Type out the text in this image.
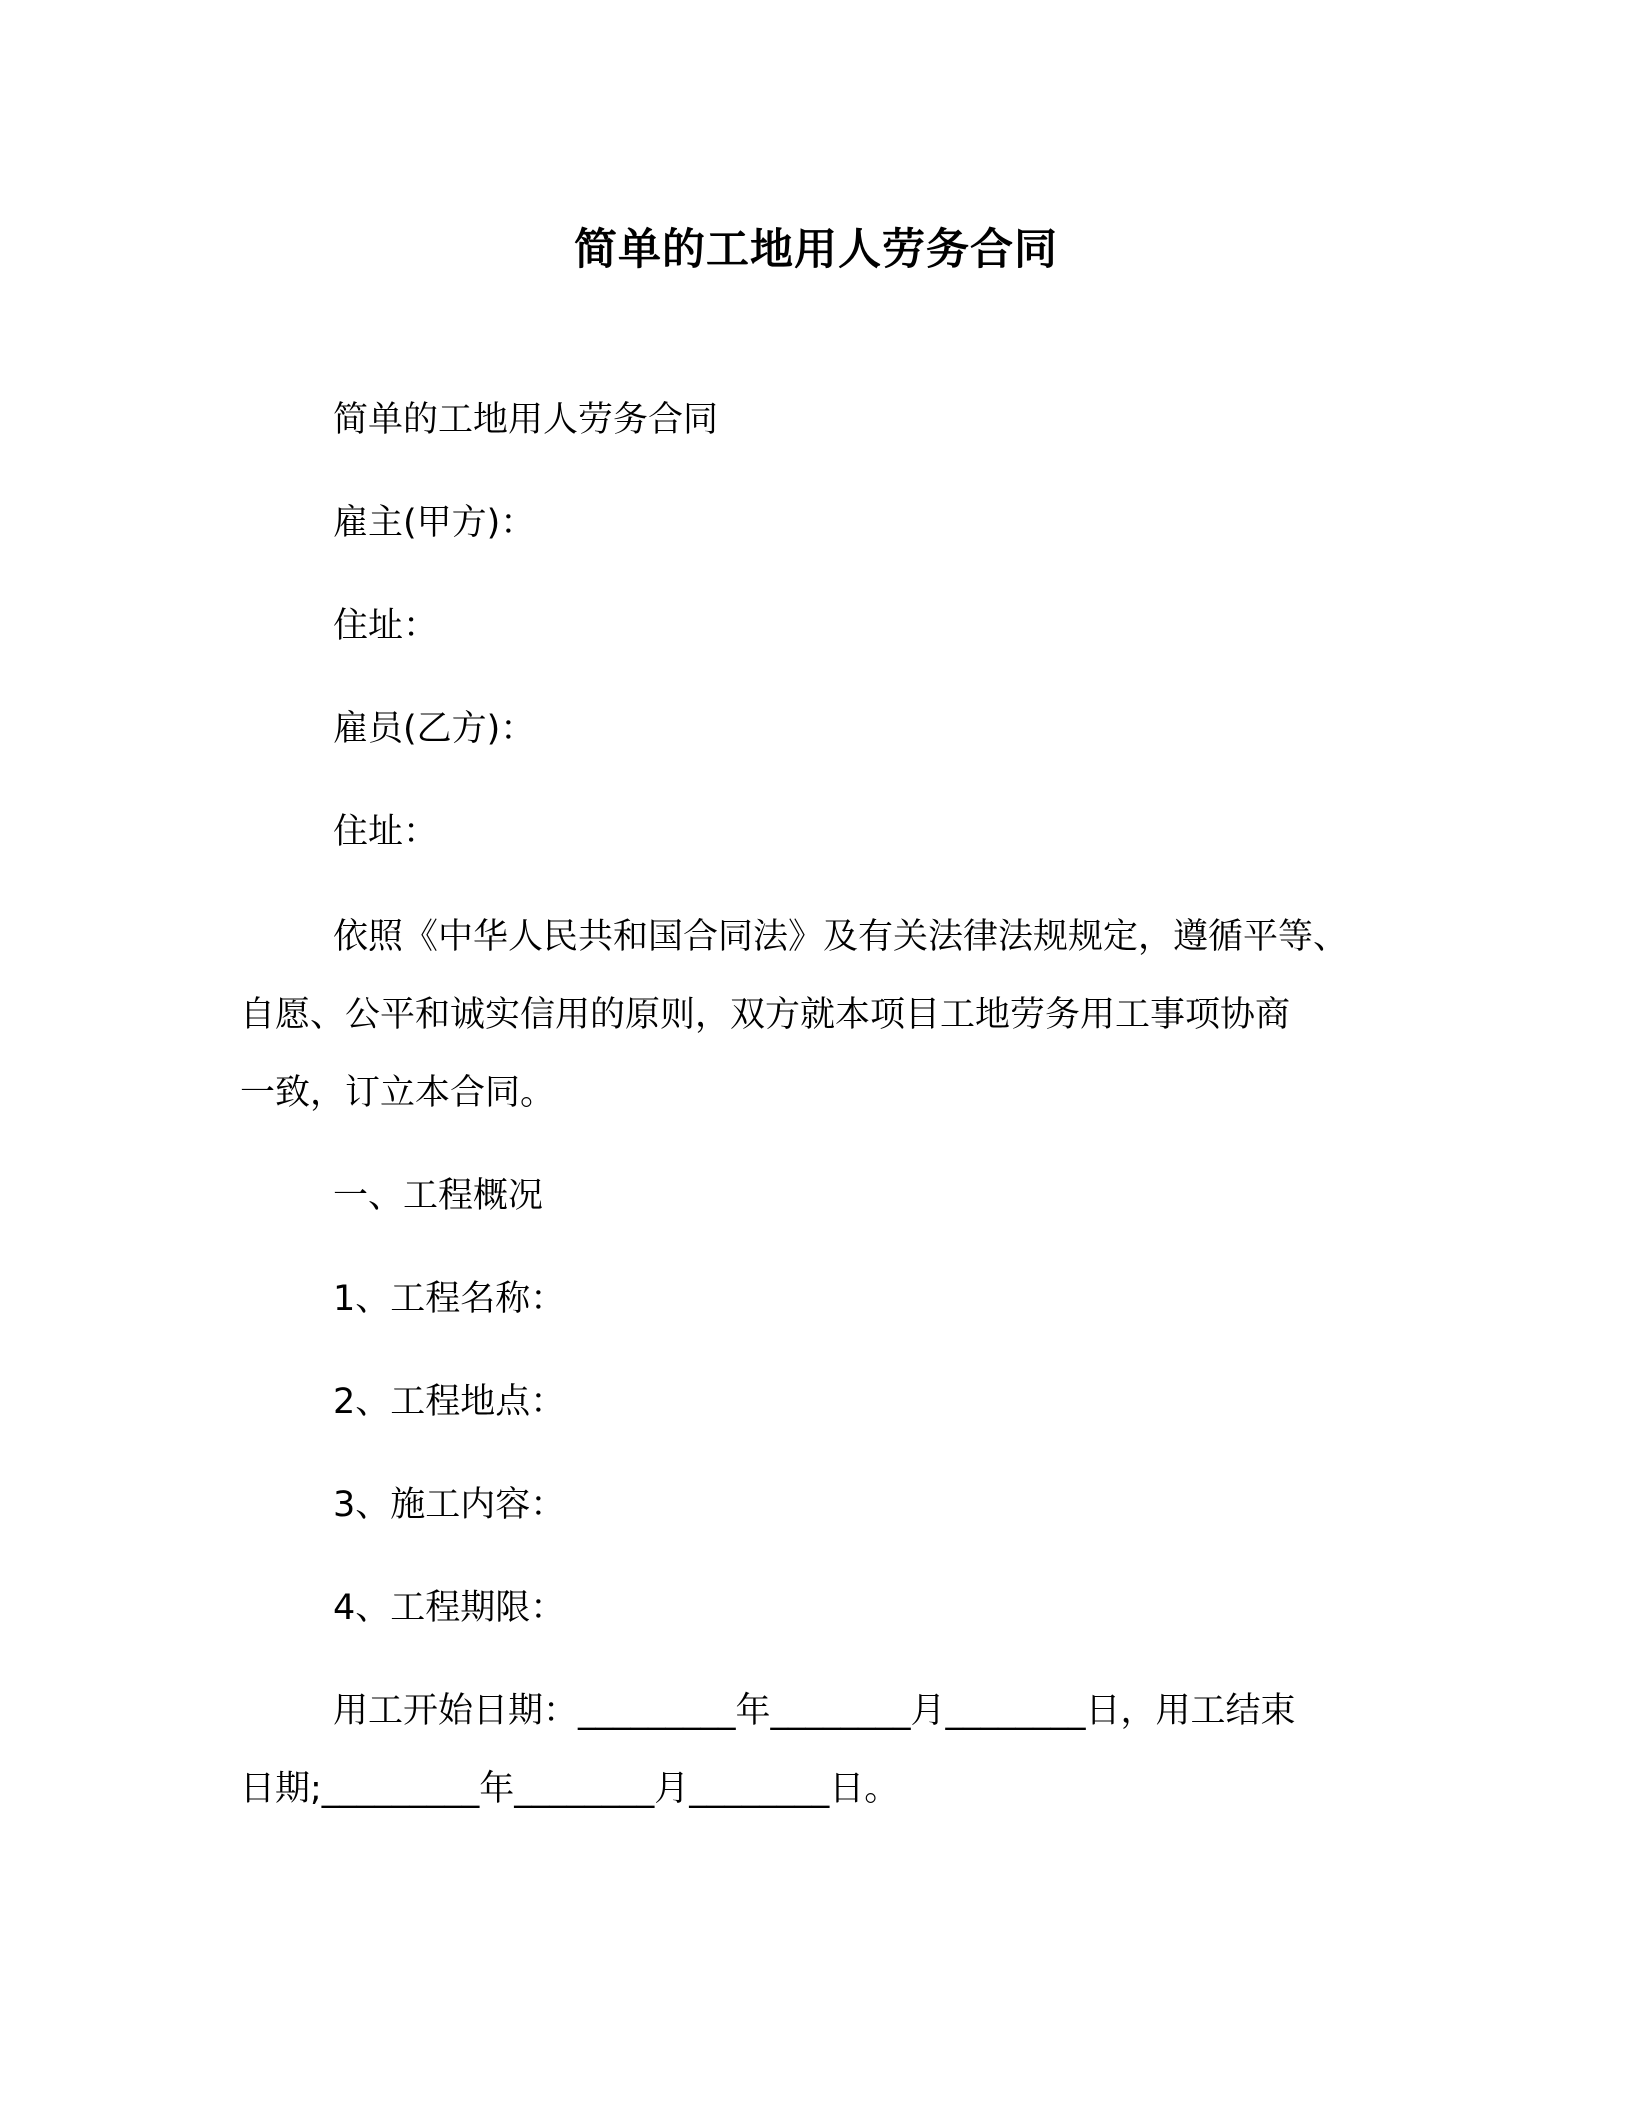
简单的工地用人劳务合同
简单的工地用人劳务合同
雇主(甲方)：
住址：
雇员(乙方)：
住址：
依照《中华人民共和国合同法》及有关法律法规规定，遵循平等、
自愿、公平和诚实信用的原则，双方就本项目工地劳务用工事项协商
一致，订立本合同。
一、工程概况
1、工程名称：
2、工程地点：
3、施工内容：
4、工程期限：
用工开始日期：_________年________月________日，用工结束
日期;_________年________月________日。
